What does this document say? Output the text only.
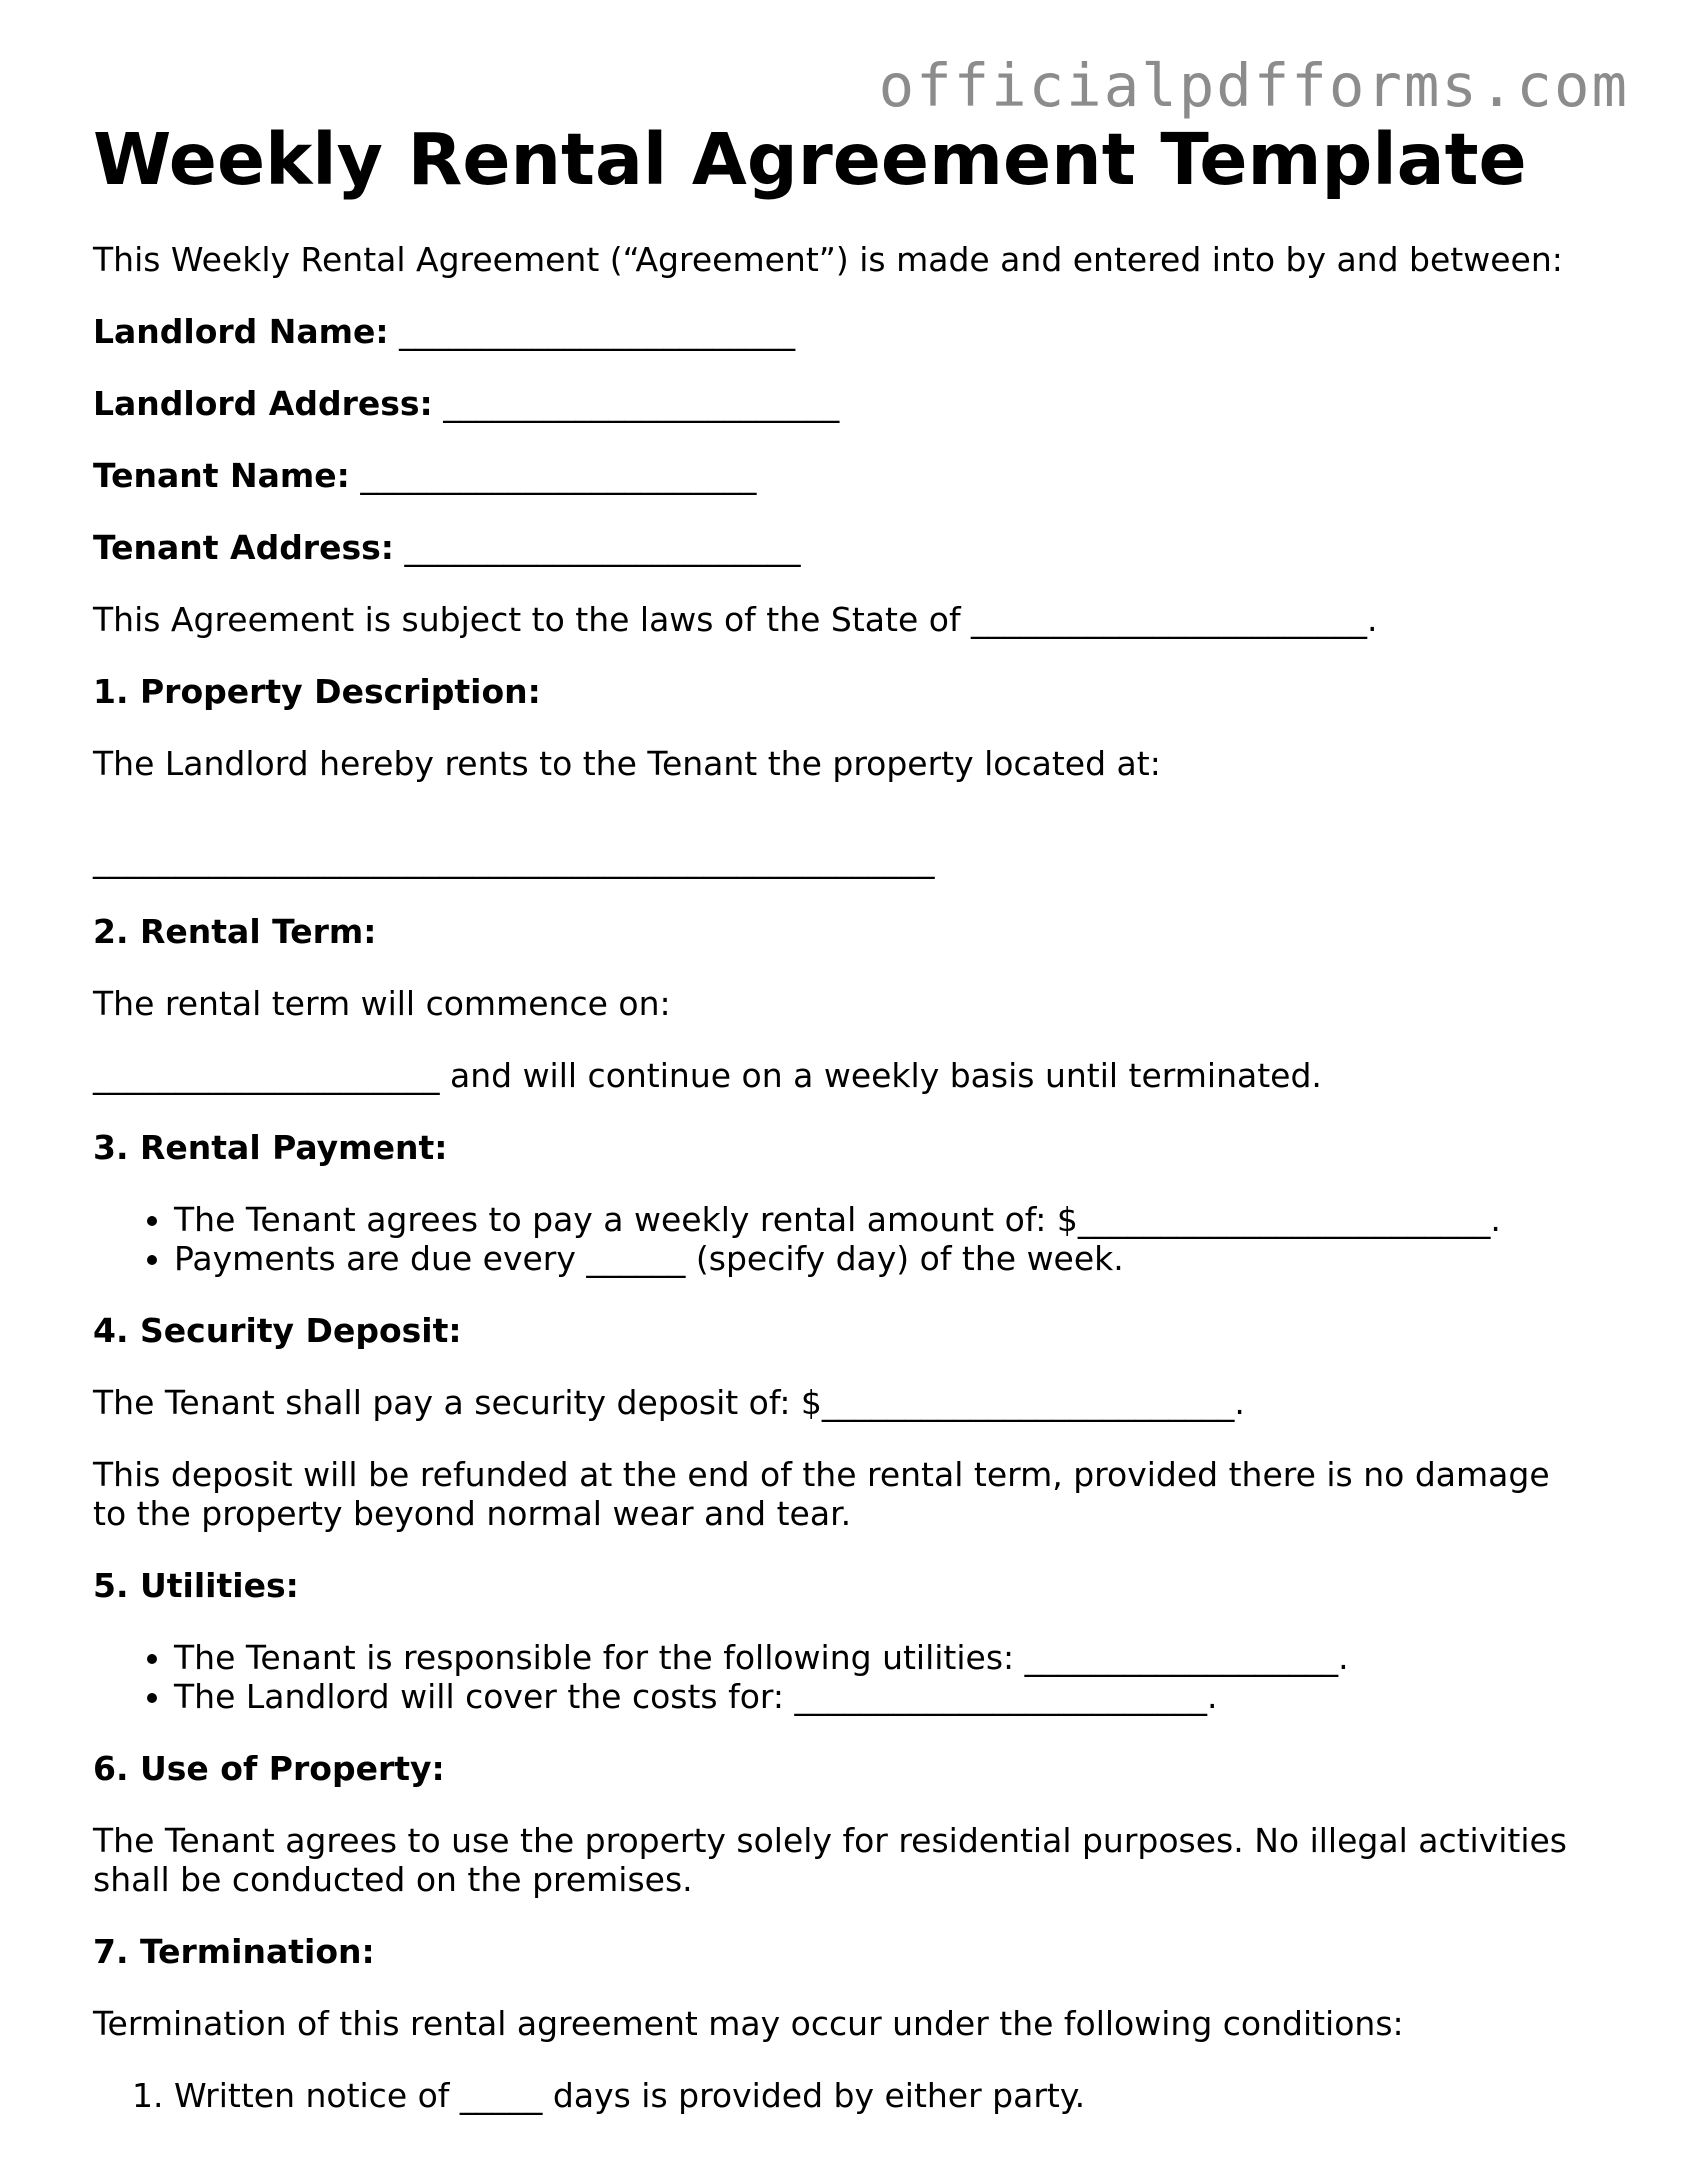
officialpdfforms.com
Weekly Rental Agreement Template

This Weekly Rental Agreement (“Agreement”) is made and entered into by and between:

Landlord Name: ________________________

Landlord Address: ________________________

Tenant Name: ________________________

Tenant Address: ________________________

This Agreement is subject to the laws of the State of ________________________.

1. Property Description:

The Landlord hereby rents to the Tenant the property located at:

___________________________________________________

2. Rental Term:

The rental term will commence on:

_____________________ and will continue on a weekly basis until terminated.

3. Rental Payment:

• The Tenant agrees to pay a weekly rental amount of: $_________________________.
• Payments are due every ______ (specify day) of the week.

4. Security Deposit:

The Tenant shall pay a security deposit of: $_________________________.

This deposit will be refunded at the end of the rental term, provided there is no damage to the property beyond normal wear and tear.

5. Utilities:

• The Tenant is responsible for the following utilities: ___________________.
• The Landlord will cover the costs for: _________________________.

6. Use of Property:

The Tenant agrees to use the property solely for residential purposes. No illegal activities shall be conducted on the premises.

7. Termination:

Termination of this rental agreement may occur under the following conditions:

1. Written notice of _____ days is provided by either party.
